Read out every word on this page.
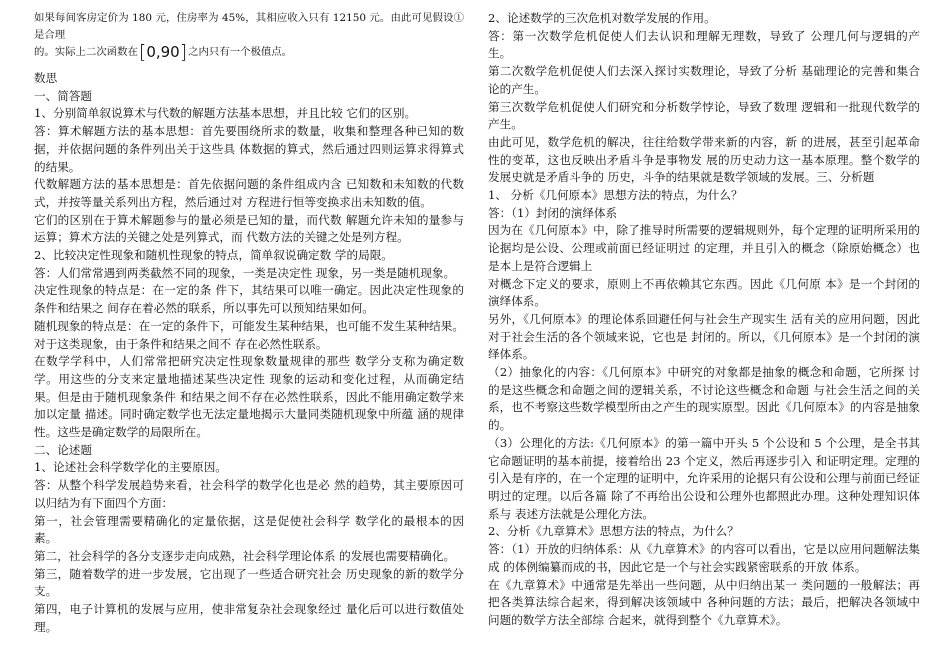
如果每间客房定价为 180 元，住房率为 45%，其相应收入只有 12150 元。由此可见假设①是合理

的。实际上二次函数在[0,90]之内只有一个极值点。

数思

一、简答题

1、分别简单叙说算术与代数的解题方法基本思想，并且比较 它们的区别。

答：算术解题方法的基本思想：首先要围绕所求的数量，收集和整理各种已知的数据，并依据问题的条件列出关于这些具 体数据的算式，然后通过四则运算求得算式的结果。

代数解题方法的基本思想是：首先依据问题的条件组成内含 已知数和未知数的代数式，并按等量关系列出方程，然后通过对 方程进行恒等变换求出未知数的值。

它们的区别在于算术解题参与的量必须是已知的量，而代数 解题允许未知的量参与运算；算术方法的关键之处是列算式，而 代数方法的关键之处是列方程。

2、比较决定性现象和随机性现象的特点，简单叙说确定数 学的局限。

答：人们常常遇到两类截然不同的现象，一类是决定性 现象，另一类是随机现象。

决定性现象的特点是：在一定的条 件下，其结果可以唯一确定。因此决定性现象的条件和结果之 间存在着必然的联系，所以事先可以预知结果如何。

随机现象的特点是：在一定的条件下，可能发生某种结果，也可能不发生某种结果。对于这类现象，由于条件和结果之间不 存在必然性联系。

在数学学科中，人们常常把研究决定性现象数量规律的那些 数学分支称为确定数学。用这些的分支来定量地描述某些决定性 现象的运动和变化过程，从而确定结果。但是由于随机现象条件 和结果之间不存在必然性联系，因此不能用确定数学来加以定量 描述。同时确定数学也无法定量地揭示大量同类随机现象中所蕴 涵的规律性。这些是确定数学的局限所在。

二、论述题

1、论述社会科学数学化的主要原因。

答：从整个科学发展趋势来看，社会科学的数学化也是必 然的趋势，其主要原因可以归结为有下面四个方面：

第一，社会管理需要精确化的定量依据，这是促使社会科学 数学化的最根本的因素。

第二，社会科学的各分支逐步走向成熟，社会科学理论体系 的发展也需要精确化。

第三，随着数学的进一步发展，它出现了一些适合研究社会 历史现象的新的数学分支。

第四，电子计算机的发展与应用，使非常复杂社会现象经过 量化后可以进行数值处理。

2、论述数学的三次危机对数学发展的作用。

答：第一次数学危机促使人们去认识和理解无理数，导致了 公理几何与逻辑的产生。

第二次数学危机促使人们去深入探讨实数理论，导致了分析 基础理论的完善和集合论的产生。

第三次数学危机促使人们研究和分析数学悖论，导致了数理 逻辑和一批现代数学的产生。

由此可见，数学危机的解决，往往给数学带来新的内容，新 的进展，甚至引起革命性的变革，这也反映出矛盾斗争是事物发 展的历史动力这一基本原理。整个数学的发展史就是矛盾斗争的 历史，斗争的结果就是数学领域的发展。三、分析题

1、 分析《几何原本》思想方法的特点，为什么？

答：（1）封闭的演绎体系

因为在《几何原本》中，除了推导时所需要的逻辑规则外，每个定理的证明所采用的论据均是公设、公理或前面已经证明过 的定理，并且引入的概念（除原始概念）也是本上是符合逻辑上

对概念下定义的要求，原则上不再依赖其它东西。因此《几何原 本》是一个封闭的演绎体系。

另外，《几何原本》的理论体系回避任何与社会生产现实生 活有关的应用问题，因此对于社会生活的各个领域来说，它也是 封闭的。所以，《几何原本》是一个封闭的演绎体系。

（2）抽象化的内容：《几何原本》中研究的对象都是抽象的概念和命题，它所探 讨的是这些概念和命题之间的逻辑关系，不讨论这些概念和命题 与社会生活之间的关系，也不考察这些数学模型所由之产生的现实原型。因此《几何原本》的内容是抽象的。

（3）公理化的方法:《几何原本》的第一篇中开头 5 个公设和 5 个公理，是全书其 它命题证明的基本前提，接着给出 23 个定义，然后再逐步引入 和证明定理。定理的引入是有序的，在一个定理的证明中，允许采用的论据只有公设和公理与前面已经证明过的定理。以后各篇 除了不再给出公设和公理外也都照此办理。这种处理知识体系与 表述方法就是公理化方法。

2、分析《九章算术》思想方法的特点，为什么？

答：（1）开放的归纳体系：从《九章算术》的内容可以看出，它是以应用问题解法集成 的体例编纂而成的书，因此它是一个与社会实践紧密联系的开放 体系。

在《九章算术》中通常是先举出一些问题，从中归纳出某一 类问题的一般解法；再把各类算法综合起来，得到解决该领域中 各种问题的方法；最后，把解决各领域中问题的数学方法全部综 合起来，就得到整个《九章算术》。
